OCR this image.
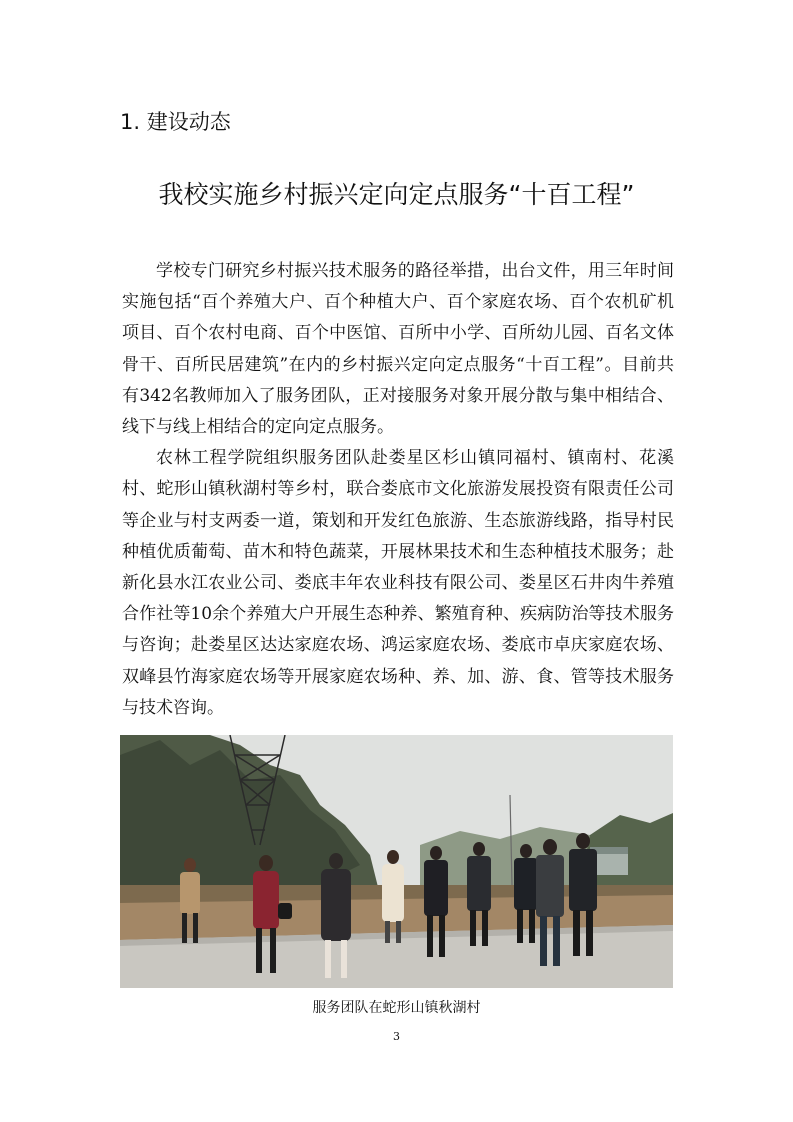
1. 建设动态
我校实施乡村振兴定向定点服务“十百工程”

学校专门研究乡村振兴技术服务的路径举措，出台文件，用三年时间实施包括“百个养殖大户、百个种植大户、百个家庭农场、百个农机矿机项目、百个农村电商、百个中医馆、百所中小学、百所幼儿园、百名文体骨干、百所民居建筑”在内的乡村振兴定向定点服务“十百工程”。目前共有342名教师加入了服务团队，正对接服务对象开展分散与集中相结合、线下与线上相结合的定向定点服务。

农林工程学院组织服务团队赴娄星区杉山镇同福村、镇南村、花溪村、蛇形山镇秋湖村等乡村，联合娄底市文化旅游发展投资有限责任公司等企业与村支两委一道，策划和开发红色旅游、生态旅游线路，指导村民种植优质葡萄、苗木和特色蔬菜，开展林果技术和生态种植技术服务；赴新化县水江农业公司、娄底丰年农业科技有限公司、娄星区石井肉牛养殖合作社等10余个养殖大户开展生态种养、繁殖育种、疾病防治等技术服务与咨询；赴娄星区达达家庭农场、鸿运家庭农场、娄底市卓庆家庭农场、双峰县竹海家庭农场等开展家庭农场种、养、加、游、食、管等技术服务与技术咨询。

服务团队在蛇形山镇秋湖村
3
